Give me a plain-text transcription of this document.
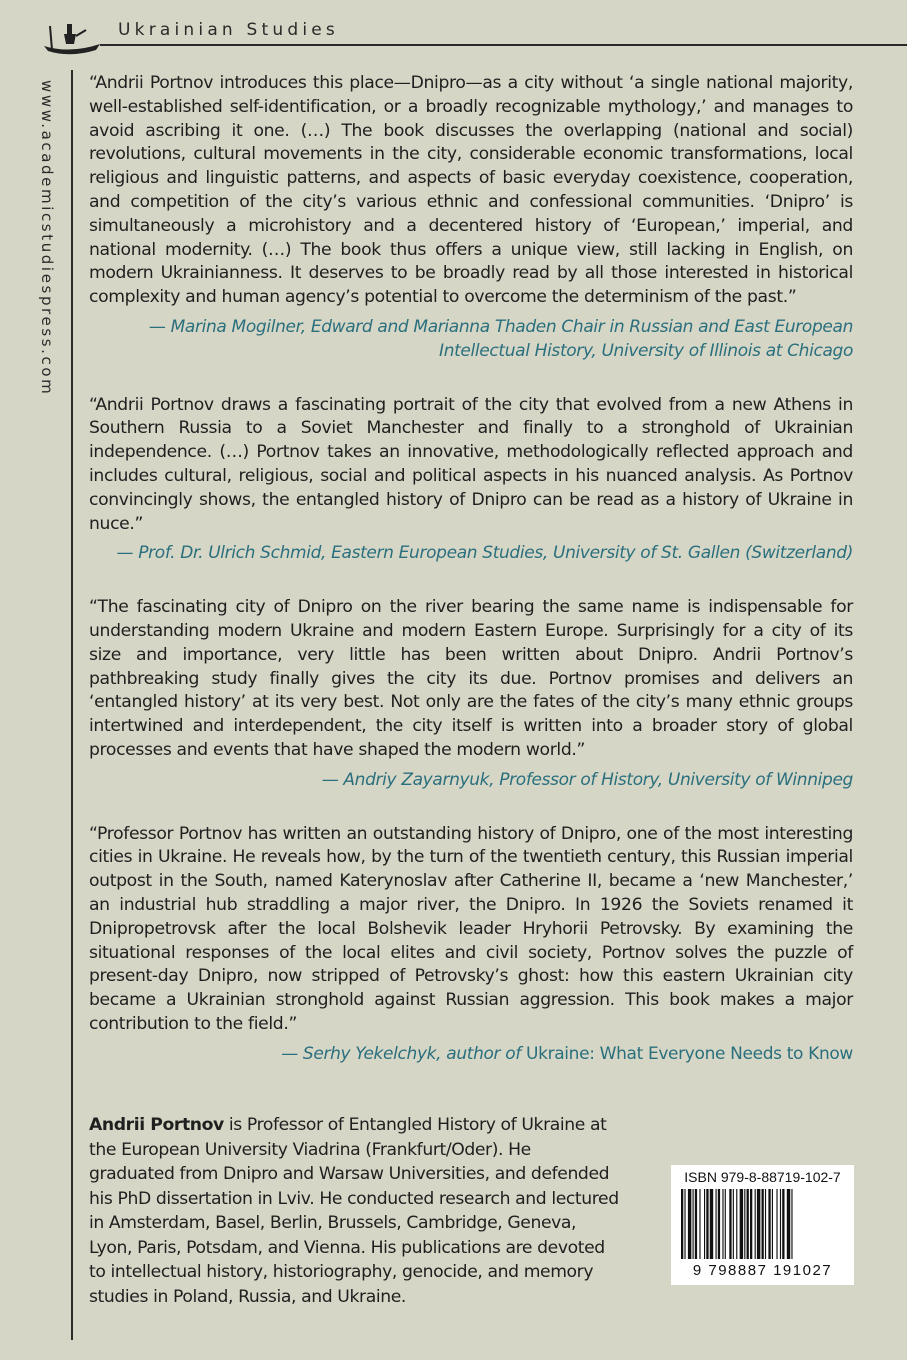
Ukrainian Studies
www.academicstudiespress.com “Andrii Portnov introduces this place—Dnipro—as a city without ‘a single national majority, well-established self-identification, or a broadly recognizable mythology,’ and manages to avoid ascribing it one. (…) The book discusses the overlapping (national and social) revolutions, cultural movements in the city, considerable economic transformations, local religious and linguistic patterns, and aspects of basic everyday coexistence, cooperation, and competition of the city’s various ethnic and confessional communities. ‘Dnipro’ is simultaneously a microhistory and a decentered history of ‘European,’ imperial, and national modernity. (…) The book thus offers a unique view, still lacking in English, on modern Ukrainianness. It deserves to be broadly read by all those interested in historical complexity and human agency’s potential to overcome the determinism of the past.”

— Marina Mogilner, Edward and Marianna Thaden Chair in Russian and East European
Intellectual History, University of Illinois at Chicago

“Andrii Portnov draws a fascinating portrait of the city that evolved from a new Athens in Southern Russia to a Soviet Manchester and finally to a stronghold of Ukrainian independence. (…) Portnov takes an innovative, methodologically reflected approach and includes cultural, religious, social and political aspects in his nuanced analysis. As Portnov convincingly shows, the entangled history of Dnipro can be read as a history of Ukraine in nuce.”

— Prof. Dr. Ulrich Schmid, Eastern European Studies, University of St. Gallen (Switzerland)

“The fascinating city of Dnipro on the river bearing the same name is indispensable for understanding modern Ukraine and modern Eastern Europe. Surprisingly for a city of its size and importance, very little has been written about Dnipro. Andrii Portnov’s pathbreaking study finally gives the city its due. Portnov promises and delivers an ‘entangled history’ at its very best. Not only are the fates of the city’s many ethnic groups intertwined and interdependent, the city itself is written into a broader story of global processes and events that have shaped the modern world.”

— Andriy Zayarnyuk, Professor of History, University of Winnipeg

“Professor Portnov has written an outstanding history of Dnipro, one of the most interesting cities in Ukraine. He reveals how, by the turn of the twentieth century, this Russian imperial outpost in the South, named Katerynoslav after Catherine II, became a ‘new Manchester,’ an industrial hub straddling a major river, the Dnipro. In 1926 the Soviets renamed it Dnipropetrovsk after the local Bolshevik leader Hryhorii Petrovsky. By examining the situational responses of the local elites and civil society, Portnov solves the puzzle of present-day Dnipro, now stripped of Petrovsky’s ghost: how this eastern Ukrainian city became a Ukrainian stronghold against Russian aggression. This book makes a major contribution to the field.”

— Serhy Yekelchyk, author of Ukraine: What Everyone Needs to Know

Andrii Portnov is Professor of Entangled History of Ukraine at the European University Viadrina (Frankfurt/Oder). He graduated from Dnipro and Warsaw Universities, and defended his PhD dissertation in Lviv. He conducted research and lectured in Amsterdam, Basel, Berlin, Brussels, Cambridge, Geneva, Lyon, Paris, Potsdam, and Vienna. His publications are devoted to intellectual history, historiography, genocide, and memory studies in Poland, Russia, and Ukraine.
ISBN 979-8-88719-102-7
9 798887 191027
